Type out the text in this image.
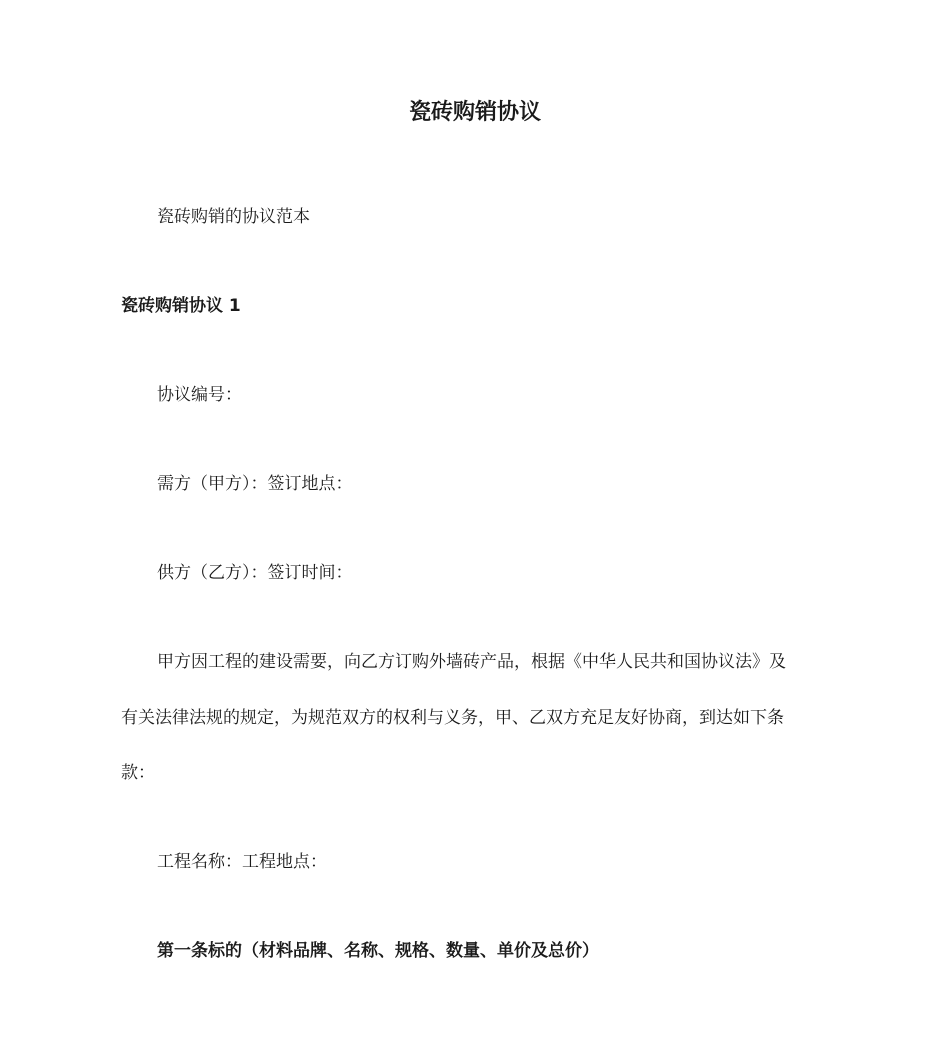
瓷砖购销协议

瓷砖购销的协议范本

瓷砖购销协议 1

协议编号：

需方（甲方）：签订地点：

供方（乙方）：签订时间：

甲方因工程的建设需要，向乙方订购外墙砖产品，根据《中华人民共和国协议法》及

有关法律法规的规定，为规范双方的权利与义务，甲、乙双方充足友好协商，到达如下条

款：

工程名称：工程地点：

第一条标的（材料品牌、名称、规格、数量、单价及总价）
